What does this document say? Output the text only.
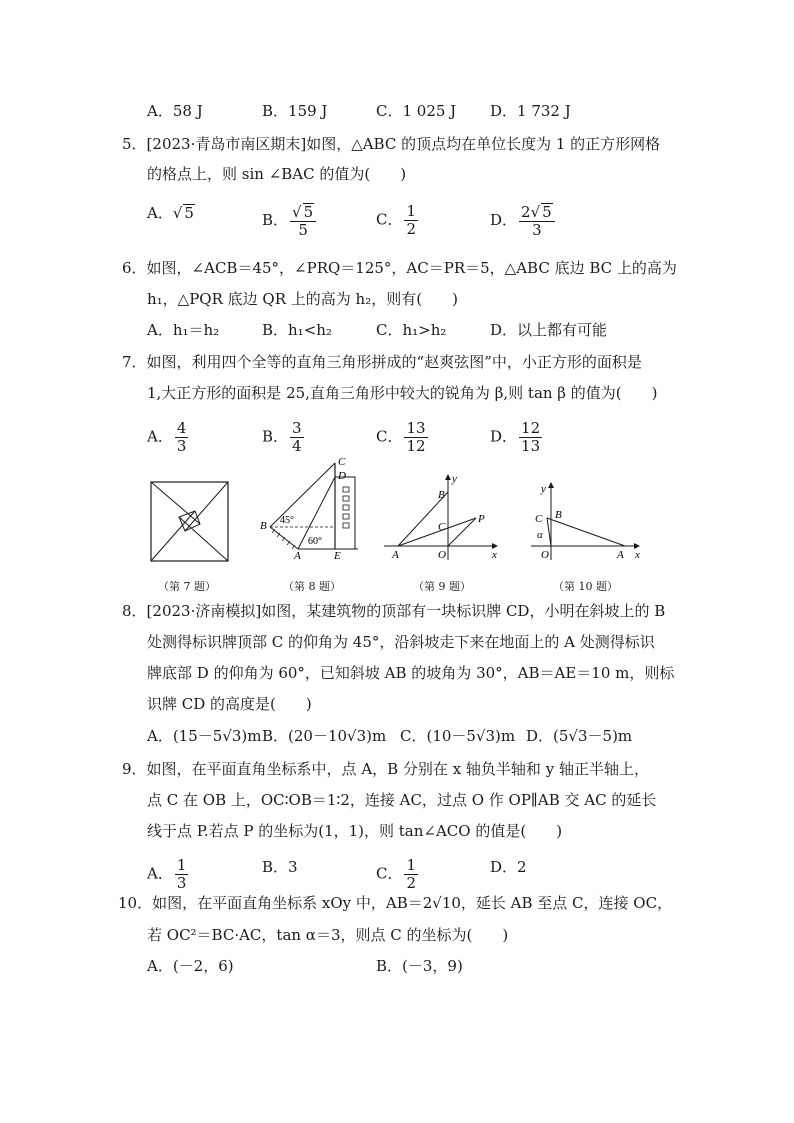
A．58 J	B．159 J	C．1 025 J D．1 732 J
5．[2023·青岛市南区期末]如图，△ABC 的顶点均在单位长度为 1 的正方形网格
的格点上，则 sin ∠BAC 的值为(　　)
A．√ 5	B． $\frac{√ 5}{5}$	C． $\frac{1}{2}$	D． $\frac{2√ 5}{3}$
6．如图，∠ACB＝45°，∠PRQ＝125°，AC＝PR＝5，△ABC 底边 BC 上的高为
h₁，△PQR 底边 QR 上的高为 h₂，则有(　　)
A．h₁＝h₂	B．h₁<h₂	C．h₁>h₂	D．以上都有可能
7．如图，利用四个全等的直角三角形拼成的“赵爽弦图”中，小正方形的面积是
1,大正方形的面积是 25,直角三角形中较大的锐角为 β,则 tan β 的值为(　　)
A． $\frac{4}{3}$	B． $\frac{3}{4}$	C． $\frac{13}{12}$	D． $\frac{12}{13}$
（第 7 题）
C
D
B
A	E
45°
60°
（第 8 题）
y
B
C
P
A	O	x
（第 9 题）
y
C B
α
O	A x
（第 10 题）
8．[2023·济南模拟]如图，某建筑物的顶部有一块标识牌 CD，小明在斜坡上的 B
处测得标识牌顶部 C 的仰角为 45°，沿斜坡走下来在地面上的 A 处测得标识
牌底部 D 的仰角为 60°，已知斜坡 AB 的坡角为 30°，AB＝AE＝10 m，则标
识牌 CD 的高度是(　　)
A．(15－5√3)m B．(20－10√3)m C．(10－5√3)m D．(5√3－5)m
9．如图，在平面直角坐标系中，点 A，B 分别在 x 轴负半轴和 y 轴正半轴上，
点 C 在 OB 上，OC∶OB＝1∶2，连接 AC，过点 O 作 OP∥AB 交 AC 的延长
线于点 P.若点 P 的坐标为(1，1)，则 tan∠ACO 的值是(　　)
A． $\frac{1}{3}$	B．3	C． $\frac{1}{2}$	D．2
10．如图，在平面直角坐标系 xOy 中，AB＝2√10，延长 AB 至点 C，连接 OC，
若 OC²＝BC·AC，tan α＝3，则点 C 的坐标为(　　)
A．(－2，6)	B．(－3，9)
